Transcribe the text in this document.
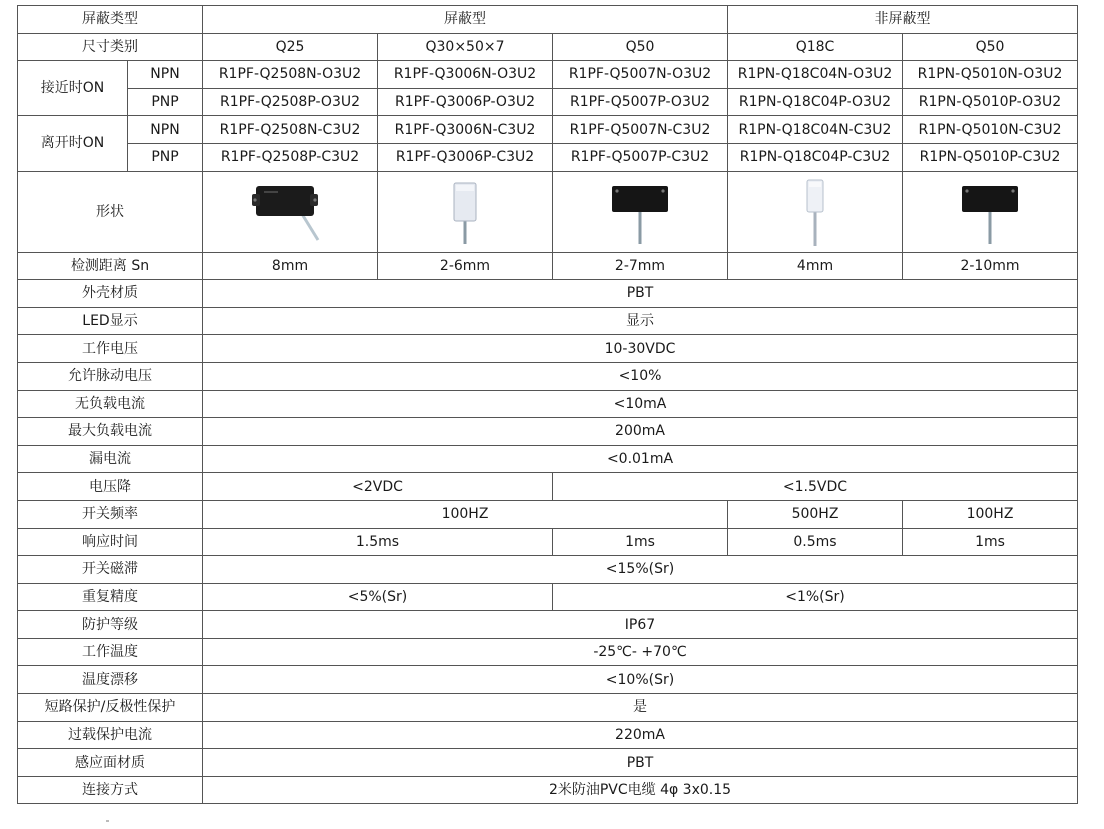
屏蔽类型		屏蔽型			非屏蔽型	
尺寸类别		Q25	Q30×50×7	Q50	Q18C	Q50
接近时ON	NPN	R1PF-Q2508N-O3U2	R1PF-Q3006N-O3U2	R1PF-Q5007N-O3U2	R1PN-Q18C04N-O3U2	R1PN-Q5010N-O3U2
	PNP	R1PF-Q2508P-O3U2	R1PF-Q3006P-O3U2	R1PF-Q5007P-O3U2	R1PN-Q18C04P-O3U2	R1PN-Q5010P-O3U2
离开时ON	NPN	R1PF-Q2508N-C3U2	R1PF-Q3006N-C3U2	R1PF-Q5007N-C3U2	R1PN-Q18C04N-C3U2	R1PN-Q5010N-C3U2
	PNP	R1PF-Q2508P-C3U2	R1PF-Q3006P-C3U2	R1PF-Q5007P-C3U2	R1PN-Q18C04P-C3U2	R1PN-Q5010P-C3U2
形状					
检测距离 Sn		8mm	2-6mm	2-7mm	4mm	2-10mm
外壳材质		PBT				
LED显示		显示				
工作电压		10-30VDC				
允许脉动电压		<10%				
无负载电流		<10mA				
最大负载电流		200mA				
漏电流		<0.01mA				
电压降		<2VDC		<1.5VDC		
开关频率		100HZ			500HZ	100HZ
响应时间		1.5ms		1ms	0.5ms	1ms
开关磁滞		<15%(Sr)				
重复精度		<5%(Sr)		<1%(Sr)		
防护等级		IP67				
工作温度		-25℃- +70℃				
温度漂移		<10%(Sr)				
短路保护/反极性保护		是				
过载保护电流		220mA				
感应面材质		PBT				
连接方式		2米防油PVC电缆 4φ 3x0.15				
